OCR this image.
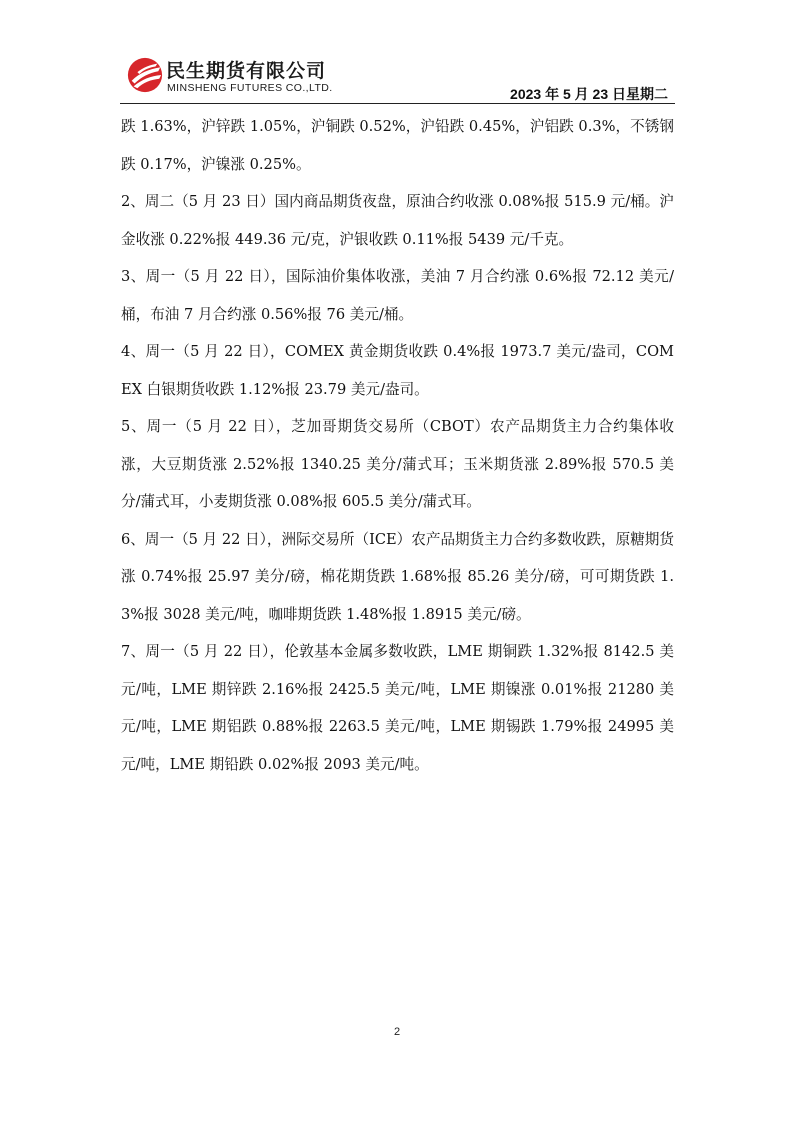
民生期货有限公司
MINSHENG FUTURES CO.,LTD.	2023 年 5 月 23 日星期二

跌 1.63%，沪锌跌 1.05%，沪铜跌 0.52%，沪铅跌 0.45%，沪铝跌 0.3%，不锈钢跌 0.17%，沪镍涨 0.25%。

2、周二（5 月 23 日）国内商品期货夜盘，原油合约收涨 0.08%报 515.9 元/桶。沪金收涨 0.22%报 449.36 元/克，沪银收跌 0.11%报 5439 元/千克。

3、周一（5 月 22 日），国际油价集体收涨，美油 7 月合约涨 0.6%报 72.12 美元/桶，布油 7 月合约涨 0.56%报 76 美元/桶。

4、周一（5 月 22 日），COMEX 黄金期货收跌 0.4%报 1973.7 美元/盎司，COMEX 白银期货收跌 1.12%报 23.79 美元/盎司。

5、周一（5 月 22 日），芝加哥期货交易所（CBOT）农产品期货主力合约集体收涨，大豆期货涨 2.52%报 1340.25 美分/蒲式耳；玉米期货涨 2.89%报 570.5 美分/蒲式耳，小麦期货涨 0.08%报 605.5 美分/蒲式耳。

6、周一（5 月 22 日），洲际交易所（ICE）农产品期货主力合约多数收跌，原糖期货涨 0.74%报 25.97 美分/磅，棉花期货跌 1.68%报 85.26 美分/磅，可可期货跌 1.3%报 3028 美元/吨，咖啡期货跌 1.48%报 1.8915 美元/磅。

7、周一（5 月 22 日），伦敦基本金属多数收跌，LME 期铜跌 1.32%报 8142.5 美元/吨，LME 期锌跌 2.16%报 2425.5 美元/吨，LME 期镍涨 0.01%报 21280 美元/吨，LME 期铝跌 0.88%报 2263.5 美元/吨，LME 期锡跌 1.79%报 24995 美元/吨，LME 期铅跌 0.02%报 2093 美元/吨。

2
